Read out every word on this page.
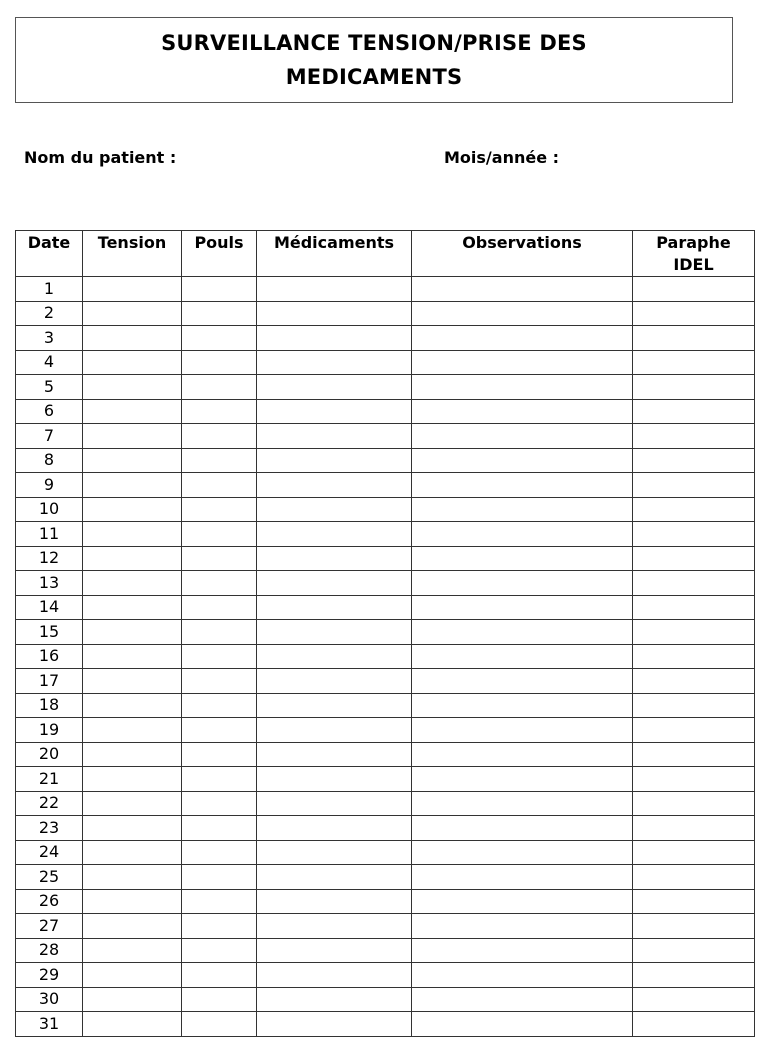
SURVEILLANCE TENSION/PRISE DES
MEDICAMENTS
Nom du patient :	Mois/année :
Date	Tension	Pouls	Médicaments	Observations	Paraphe
IDEL

1					
2					
3					
4					
5					
6					
7					
8					
9					
10					
11					
12					
13					
14					
15					
16					
17					
18					
19					
20					
21					
22					
23					
24					
25					
26					
27					
28					
29					
30					
31					
